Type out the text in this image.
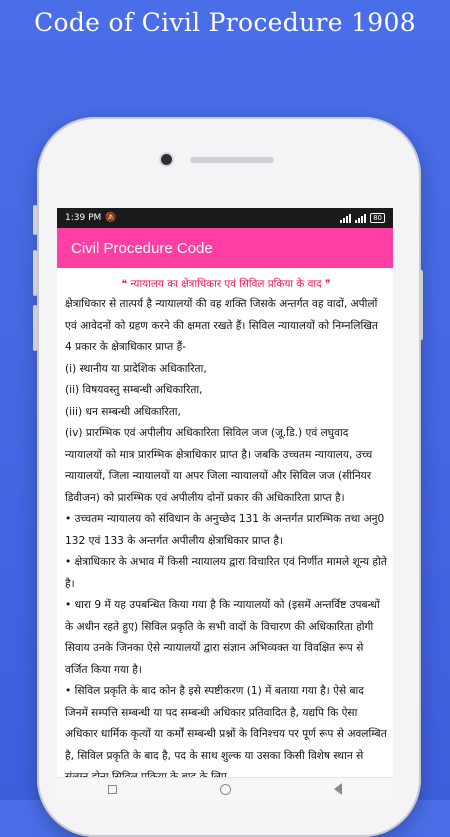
Code of Civil Procedure 1908
1:39 PM 🔕	80
Civil Procedure Code
❝ न्यायालय का क्षेत्राधिकार एवं सिविल प्रकिया के वाद ❞

क्षेत्राधिकार से तात्पर्य है न्यायालयों की वह शक्ति जिसके अन्तर्गत वह वादों, अपीलों एवं आवेदनों को ग्रहण करने की क्षमता रखते हैं। सिविल न्यायालयों को निम्नलिखित 4 प्रकार के क्षेत्राधिकार प्राप्त हैं-

(i) स्थानीय या प्रादेशिक अधिकारिता,

(ii) विषयवस्तु सम्बन्धी अधिकारिता,

(iii) धन सम्बन्धी अधिकारिता,

(iv) प्रारम्भिक एवं अपीलीय अधिकारिता सिविल जज (जू.डि.) एवं लघुवाद न्यायालयों को मात्र प्रारम्भिक क्षेत्राधिकार प्राप्त है। जबकि उच्चतम न्यायालय, उच्च न्यायालयों, जिला न्यायालयों या अपर जिला न्यायालयों और सिविल जज (सीनियर डिवीजन) को प्रारम्भिक एवं अपीलीय दोनों प्रकार की अधिकारिता प्राप्त है।

• उच्चतम न्यायालय को संविधान के अनुच्छेद 131 के अन्तर्गत प्रारम्भिक तथा अनु0 132 एवं 133 के अन्तर्गत अपीलीय क्षेत्राधिकार प्राप्त है।

• क्षेत्राधिकार के अभाव में किसी न्यायालय द्वारा विचारित एवं निर्णीत मामले शून्य होते है।

• धारा 9 में यह उपबन्धित किया गया है कि न्यायालयों को (इसमें अन्तर्विष्ट उपबन्धों के अधीन रहते हुए) सिविल प्रकृति के सभी वादों के विचारण की अधिकारिता होगी सिवाय उनके जिनका ऐसे न्यायालयों द्वारा संज्ञान अभिव्यक्त या विवक्षित रूप से वर्जित किया गया है।

• सिविल प्रकृति के बाद कोन है इसे स्पष्टीकरण (1) में बताया गया है। ऐसे बाद जिनमें सम्पत्ति सम्बन्धी या पद सम्बन्धी अधिकार प्रतिवादित है, यद्यपि कि ऐसा अधिकार धार्मिक कृत्यों या कर्मों सम्बन्धी प्रश्नों के विनिश्चय पर पूर्ण रूप से अवलम्बित है, सिविल प्रकृति के बाद है, पद के साथ शुल्क या उसका किसी विशेष स्थान से
